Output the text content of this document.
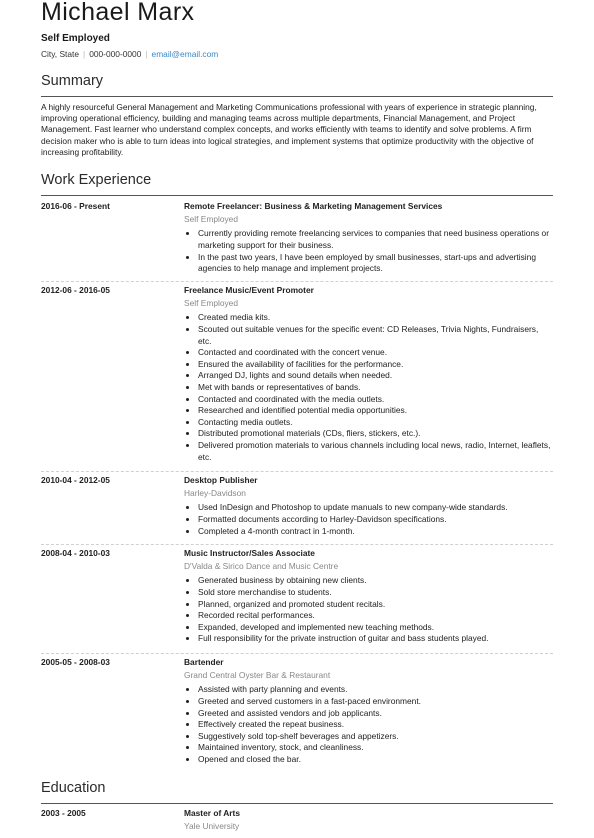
Michael Marx
Self Employed
City, State | 000-000-0000 | email@email.com
Summary

A highly resourceful General Management and Marketing Communications professional with years of experience in strategic planning, improving operational efficiency, building and managing teams across multiple departments, Financial Management, and Project Management. Fast learner who understand complex concepts, and works efficiently with teams to identify and solve problems. A firm decision maker who is able to turn ideas into logical strategies, and implement systems that optimize productivity with the objective of increasing profitability.

Work Experience
2016-06 - Present	Remote Freelancer: Business & Marketing Management Services
Self Employed
• Currently providing remote freelancing services to companies that need business operations or marketing support for their business.
• In the past two years, I have been employed by small businesses, start-ups and advertising agencies to help manage and implement projects.
2012-06 - 2016-05	Freelance Music/Event Promoter
Self Employed
• Created media kits.
• Scouted out suitable venues for the specific event: CD Releases, Trivia Nights, Fundraisers, etc.
• Contacted and coordinated with the concert venue.
• Ensured the availability of facilities for the performance.
• Arranged DJ, lights and sound details when needed.
• Met with bands or representatives of bands.
• Contacted and coordinated with the media outlets.
• Researched and identified potential media opportunities.
• Contacting media outlets.
• Distributed promotional materials (CDs, fliers, stickers, etc.).
• Delivered promotion materials to various channels including local news, radio, Internet, leaflets, etc.
2010-04 - 2012-05	Desktop Publisher
Harley-Davidson
• Used InDesign and Photoshop to update manuals to new company-wide standards.
• Formatted documents according to Harley-Davidson specifications.
• Completed a 4-month contract in 1-month.
2008-04 - 2010-03	Music Instructor/Sales Associate
D'Valda & Sirico Dance and Music Centre
• Generated business by obtaining new clients.
• Sold store merchandise to students.
• Planned, organized and promoted student recitals.
• Recorded recital performances.
• Expanded, developed and implemented new teaching methods.
• Full responsibility for the private instruction of guitar and bass students played.
2005-05 - 2008-03	Bartender
Grand Central Oyster Bar & Restaurant
• Assisted with party planning and events.
• Greeted and served customers in a fast-paced environment.
• Greeted and assisted vendors and job applicants.
• Effectively created the repeat business.
• Suggestively sold top-shelf beverages and appetizers.
• Maintained inventory, stock, and cleanliness.
• Opened and closed the bar.
Education
2003 - 2005	Master of Arts
Yale University
